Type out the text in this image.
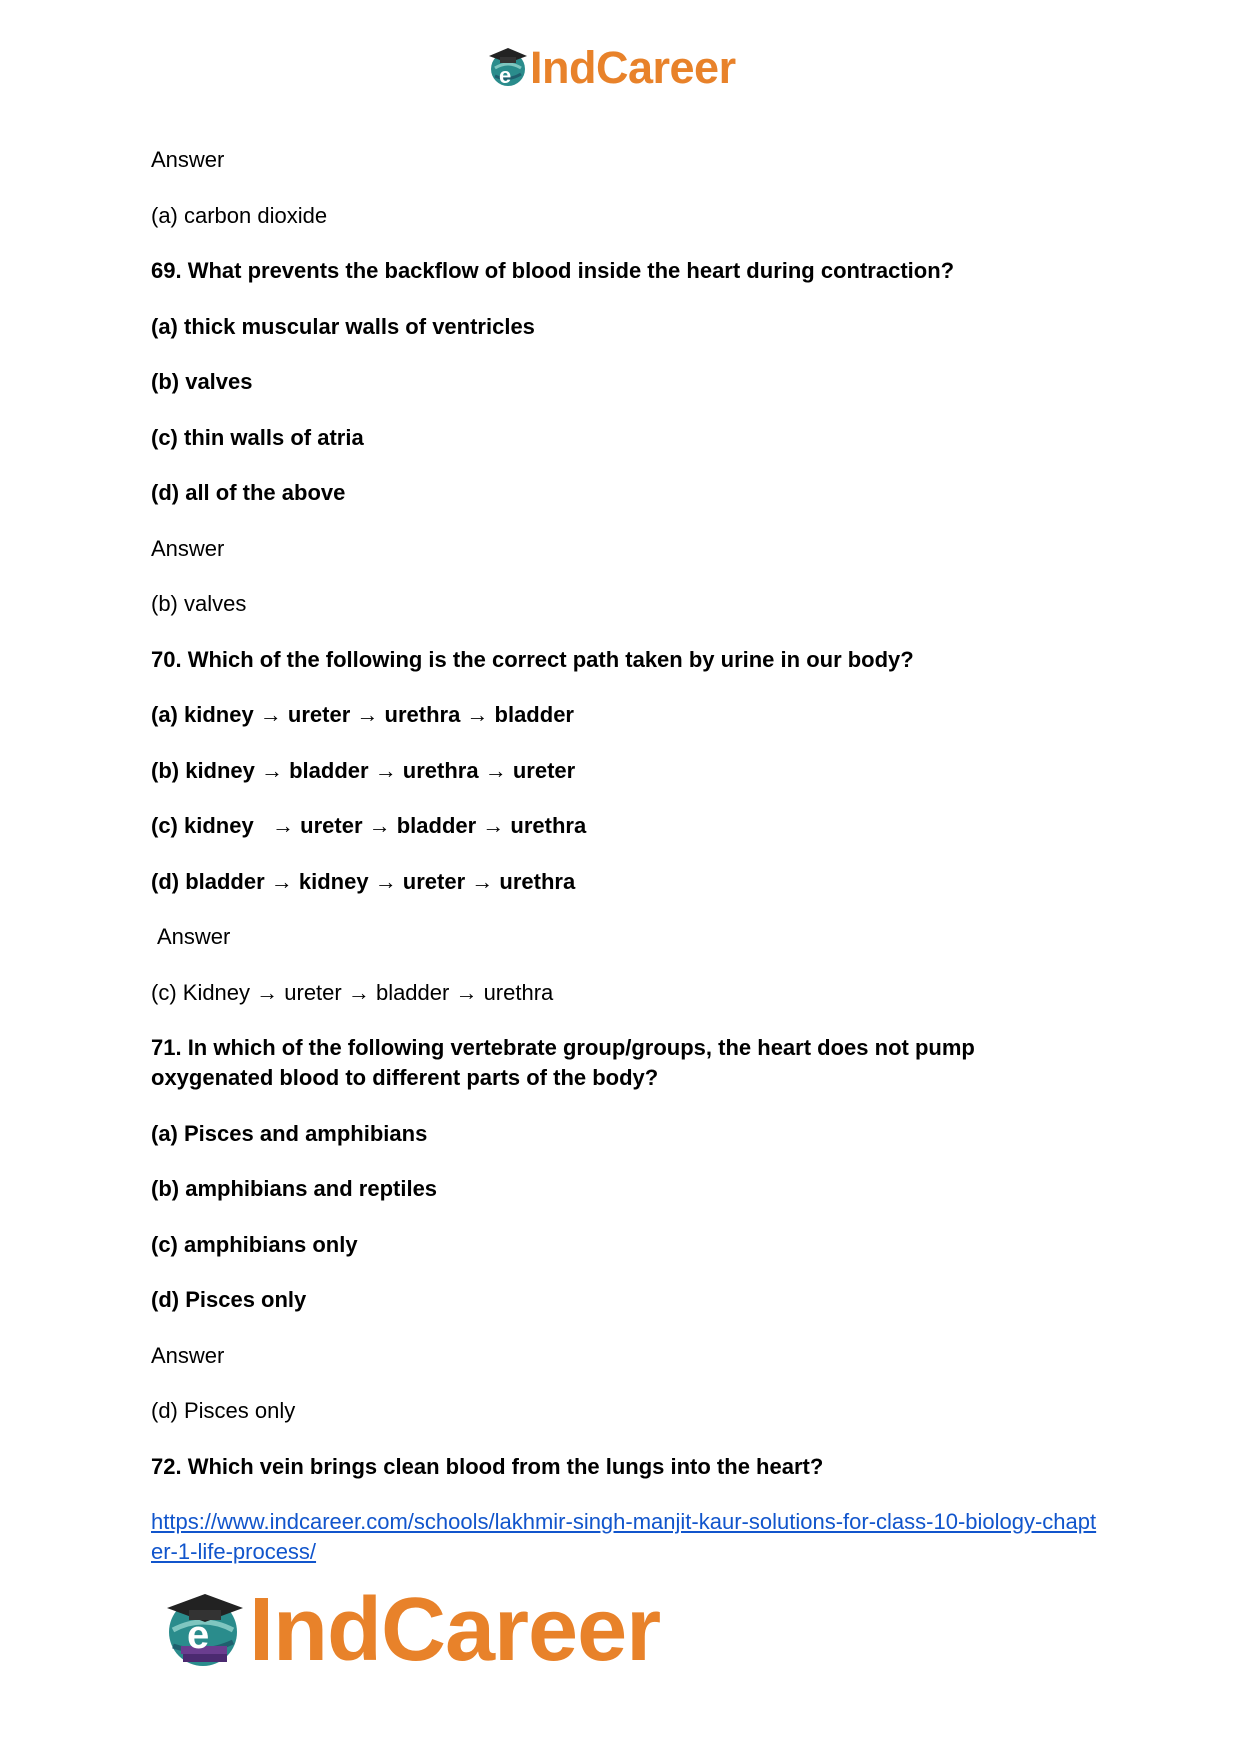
e IndCareer

Answer

(a) carbon dioxide

69. What prevents the backflow of blood inside the heart during contraction?

(a) thick muscular walls of ventricles

(b) valves

(c) thin walls of atria

(d) all of the above

Answer

(b) valves

70. Which of the following is the correct path taken by urine in our body?

(a) kidney → ureter → urethra → bladder

(b) kidney → bladder → urethra → ureter

(c) kidney   → ureter → bladder → urethra

(d) bladder → kidney → ureter → urethra

Answer

(c) Kidney → ureter → bladder → urethra

71. In which of the following vertebrate group/groups, the heart does not pump oxygenated blood to different parts of the body?

(a) Pisces and amphibians

(b) amphibians and reptiles

(c) amphibians only

(d) Pisces only

Answer

(d) Pisces only

72. Which vein brings clean blood from the lungs into the heart?

https://www.indcareer.com/schools/lakhmir-singh-manjit-kaur-solutions-for-class-10-biology-chapter-1-life-process/
e IndCareer
